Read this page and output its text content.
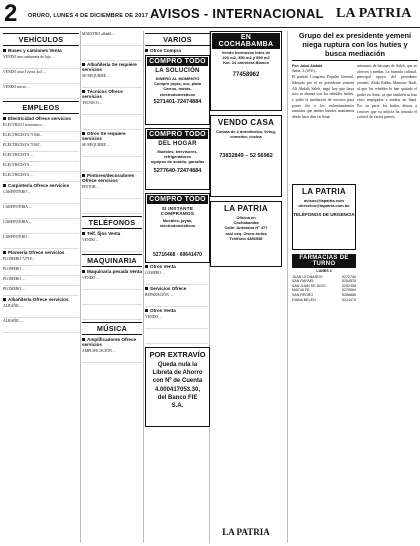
2 ORURO, LUNES 4 DE DICIEMBRE DE 2017 AVISOS - INTERNACIONAL LA PATRIA
VEHÍCULOS
Buses y camiones Venta
VENDO una camioneta de lujo ...
VENDO auto Toyota 4x4 ...
VENDO micro ...
EMPLEOS
Electricidad Ofrece servicios
ELECTRICO economico ...
ELECTRICISTA 71946...
ELECTRICISTA 71867...
ELECTRICISTA ...
ELECTRICISTA ...
ELECTRICISTA ...
Carpintería Ofrece servicios
CARPINTERO ...
CARPINTERIA ...
CARPINTERIA ...
CARPINTERO ...
Plomería Ofrece servicios
PLOMERO 72718...
PLOMERO ...
PLOMERO ...
PLOMERO ...
Albañilería Ofrece servicios
ALBAÑIL ...
ALBAÑIL ...
MAESTRO albañil ...
Albañilería Se requiere servicios
SE REQUIERE ...
Técnicos Ofrece servicios
TECNICO ...
Otros Se requiere servicios
SE REQUIERE ...
Pintores/decoradores Ofrece servicios
PINTOR ...
TELÉFONOS
Telf. fijos Venta
VENDO ...
MAQUINARIA
Maquinaria pesada Venta
VENDO ...
MÚSICA
Amplificadores Ofrece servicios
AMPLIFICACIÓN ...
VARIOS
Otros Compra
COMPRO TODO
LA SOLUCIÓN
DINERO AL MOMENTO
Compro joyas, oro, plata
Carros, motos, electrodomésticos
5271401-72474884
COMPRO TODO
DEL HOGAR
Muebles, televisores, refrigeradores
equipos de sonido, garrafas
5277640-72474884
COMPRO TODO
SI INSTANTE COMPRAMOS
Muebles, joyas, electrodomésticos
52716468 · 69641470
Otros Venta
COMPRO ...
Servicios Ofrece
REPARACIÓN ...
Otros Venta
VENDO ...
POR EXTRAVÍO
Queda nula la
Libreta de Ahorro
con Nº de Cuenta
4.000417053.30,
del Banco FIE
S.A.
EN COCHABAMBA
Vendo hermosos lotes de
220 m2, 350 m2 y 550 m2
Km. 14 carretera Blanco
77458962
VENDO CASA
Consta de 4 dormitorios, living,
comedor, cocina
73832849 – 52 56982
LA PATRIA
Oficina en
Cochabamba
Calle: Antezana Nº 477
casi esq. Oruro arriba
Teléfono 4386558
LA PATRIA
Grupo del ex presidente yemení niega ruptura con los hutíes y busca mediación
Por: Jaled Abdalá
Sana, 3 (EFE).-
El partido Congreso Popular General, liderado por el ex presidente yemení Alí Abdalá Saleh, negó hoy que haya roto su alianza con los rebeldes hutíes, y pidió la mediación de terceros para poner fin a los enfrentamientos armados que ambos bandos mantienen desde hace días en Saná.
artesanos de bacanes de Saleh, que se ofrecen a mediar. La fórmula cultural, principal apoyo del presidente yemení, Abdu Rabbu Mansour Hadi, al que los rebeldes le han quitado el poder en Saná, ya que también se han visto empujadas a mediar en Saná. Por su parte los hutíes dieron a conocer que su milicia ha tomado el control de varios puntos.
LA PATRIA
avisos@lapatria.com
direccion@lapatria.com.bo
TELÉFONOS DE URGENCIA
FARMACIAS DE TURNO
LUNES 4
JUAN LEONARDO	5272745
SAN RAFAEL	5254578
SAN JUAN DE DIOS	5252458
NUEVA FE	5275564
SAN PEDRO	5288885
DIANA BELEN	5214470
